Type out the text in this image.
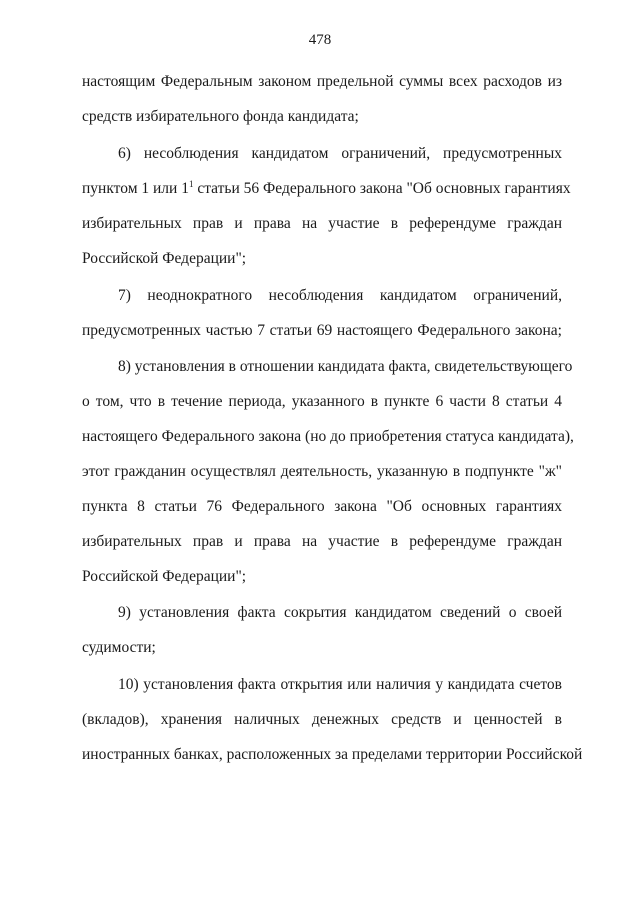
478
настоящим Федеральным законом предельной суммы всех расходов из
средств избирательного фонда кандидата;
6) несоблюдения кандидатом ограничений, предусмотренных
пунктом 1 или $1^1$ статьи 56 Федерального закона "Об основных гарантиях
избирательных прав и права на участие в референдуме граждан
Российской Федерации";
7) неоднократного несоблюдения кандидатом ограничений,
предусмотренных частью 7 статьи 69 настоящего Федерального закона;
8) установления в отношении кандидата факта, свидетельствующего
о том, что в течение периода, указанного в пункте 6 части 8 статьи 4
настоящего Федерального закона (но до приобретения статуса кандидата),
этот гражданин осуществлял деятельность, указанную в подпункте "ж"
пункта 8 статьи 76 Федерального закона "Об основных гарантиях
избирательных прав и права на участие в референдуме граждан
Российской Федерации";
9) установления факта сокрытия кандидатом сведений о своей
судимости;
10) установления факта открытия или наличия у кандидата счетов
(вкладов), хранения наличных денежных средств и ценностей в
иностранных банках, расположенных за пределами территории Российской
